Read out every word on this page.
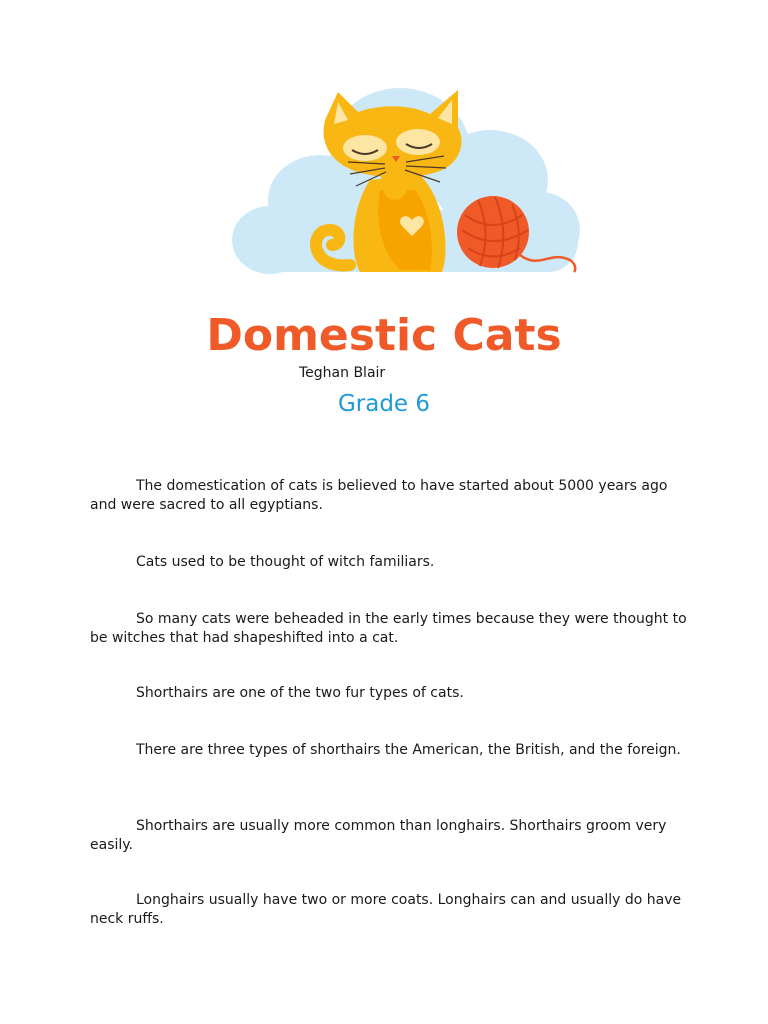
Domestic Cats
Teghan Blair
Grade 6

The domestication of cats is believed to have started about 5000 years ago and were sacred to all egyptians.

Cats used to be thought of witch familiars.

So many cats were beheaded in the early times because they were thought to be witches that had shapeshifted into a cat.

Shorthairs are one of the two fur types of cats.

There are three types of shorthairs the American, the British, and the foreign.

Shorthairs are usually more common than longhairs. Shorthairs groom very easily.

Longhairs usually have two or more coats. Longhairs can and usually do have neck ruffs.
